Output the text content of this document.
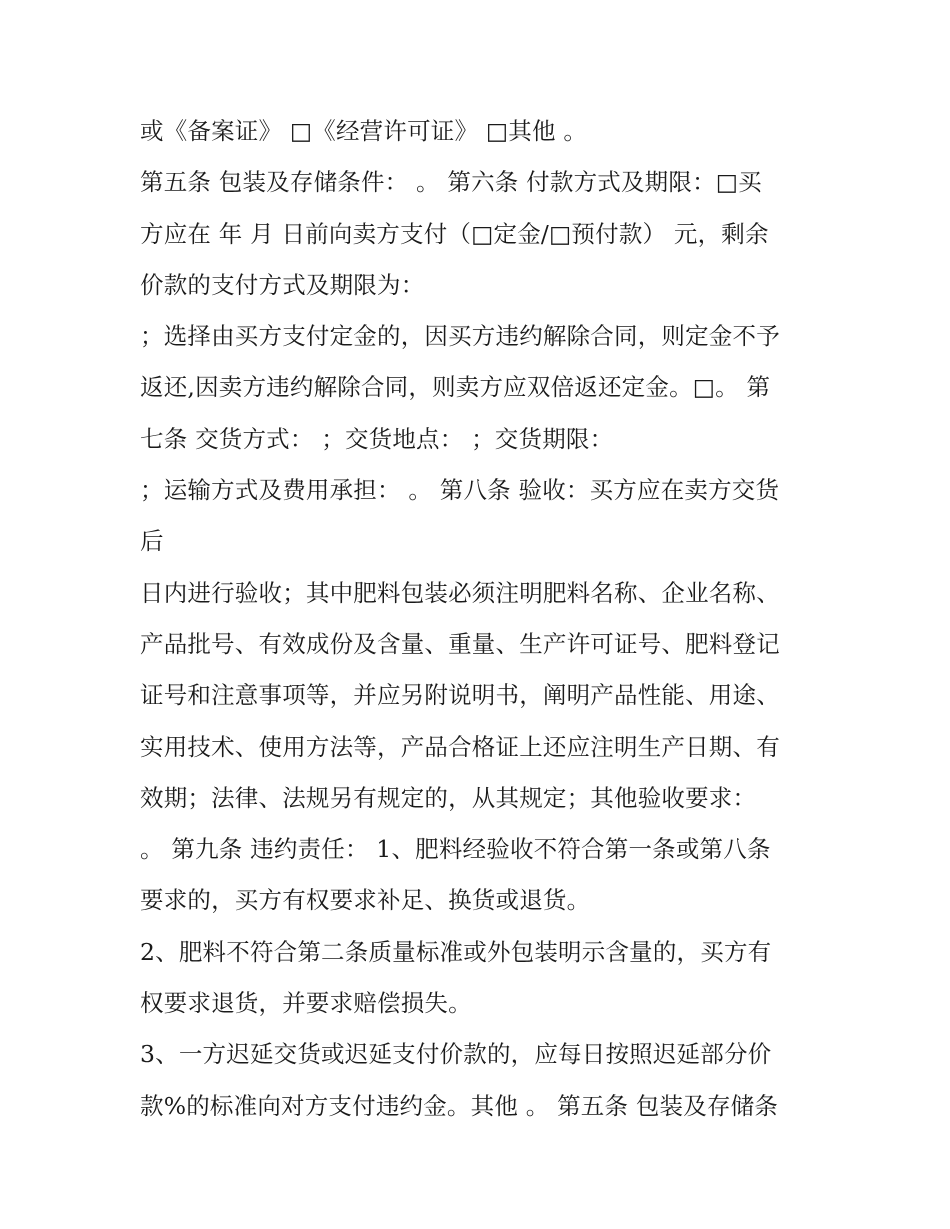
或《备案证》 □《经营许可证》 □其他 。
第五条 包装及存储条件： 。 第六条 付款方式及期限：□买
方应在 年 月 日前向卖方支付（□定金/□预付款） 元，剩余
价款的支付方式及期限为：
；选择由买方支付定金的，因买方违约解除合同，则定金不予
返还,因卖方违约解除合同，则卖方应双倍返还定金。□。 第
七条 交货方式： ；交货地点： ；交货期限：
；运输方式及费用承担： 。 第八条 验收：买方应在卖方交货
后
日内进行验收；其中肥料包装必须注明肥料名称、企业名称、
产品批号、有效成份及含量、重量、生产许可证号、肥料登记
证号和注意事项等，并应另附说明书，阐明产品性能、用途、
实用技术、使用方法等，产品合格证上还应注明生产日期、有
效期；法律、法规另有规定的，从其规定；其他验收要求：
。 第九条 违约责任： 1、肥料经验收不符合第一条或第八条
要求的，买方有权要求补足、换货或退货。
2、肥料不符合第二条质量标准或外包装明示含量的，买方有
权要求退货，并要求赔偿损失。
3、一方迟延交货或迟延支付价款的，应每日按照迟延部分价
款%的标准向对方支付违约金。其他 。 第五条 包装及存储条
